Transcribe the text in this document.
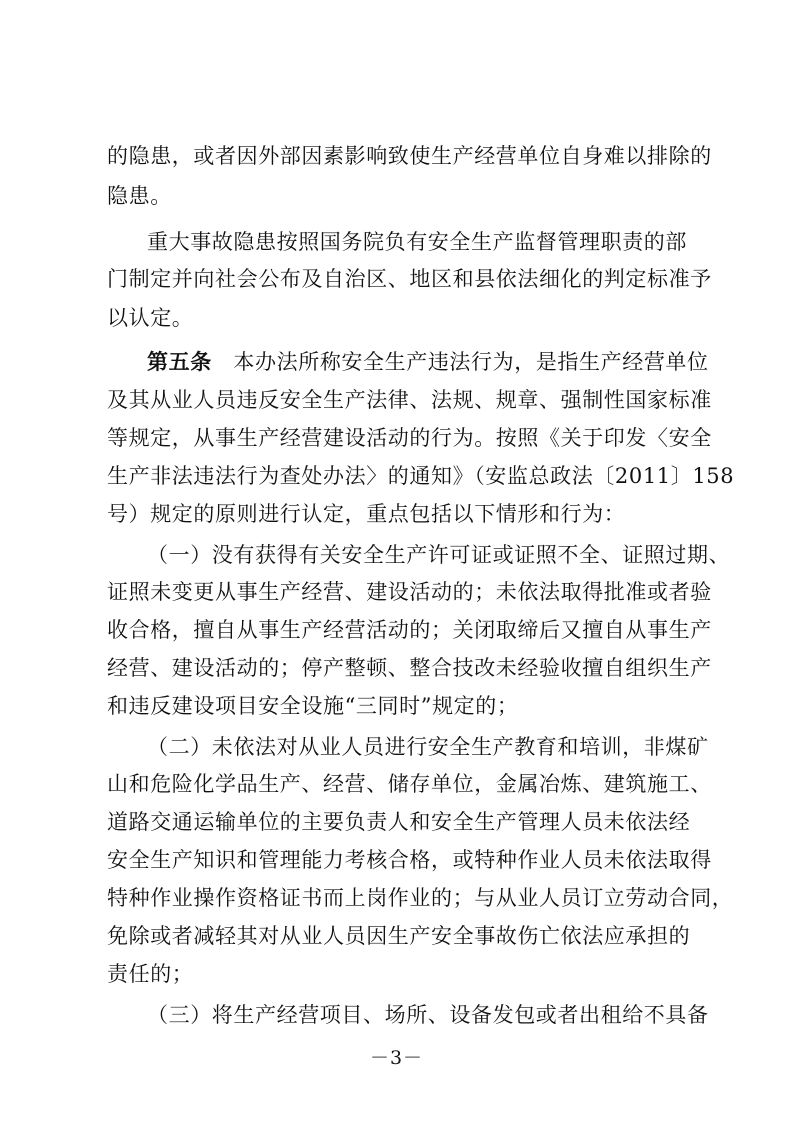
的隐患，或者因外部因素影响致使生产经营单位自身难以排除的
隐患。
重大事故隐患按照国务院负有安全生产监督管理职责的部
门制定并向社会公布及自治区、地区和县依法细化的判定标准予
以认定。
第五条　 本办法所称安全生产违法行为，是指生产经营单位
及其从业人员违反安全生产法律、法规、规章、强制性国家标准
等规定，从事生产经营建设活动的行为。按照《关于印发〈安全
生产非法违法行为查处办法〉的通知》（安监总政法〔2011〕158
号）规定的原则进行认定，重点包括以下情形和行为：
（一）没有获得有关安全生产许可证或证照不全、证照过期、
证照未变更从事生产经营、建设活动的；未依法取得批准或者验
收合格，擅自从事生产经营活动的；关闭取缔后又擅自从事生产
经营、建设活动的；停产整顿、整合技改未经验收擅自组织生产
和违反建设项目安全设施“三同时”规定的；
（二）未依法对从业人员进行安全生产教育和培训，非煤矿
山和危险化学品生产、经营、储存单位，金属冶炼、建筑施工、
道路交通运输单位的主要负责人和安全生产管理人员未依法经
安全生产知识和管理能力考核合格，或特种作业人员未依法取得
特种作业操作资格证书而上岗作业的；与从业人员订立劳动合同，
免除或者减轻其对从业人员因生产安全事故伤亡依法应承担的
责任的；
（三）将生产经营项目、场所、设备发包或者出租给不具备
－3－
